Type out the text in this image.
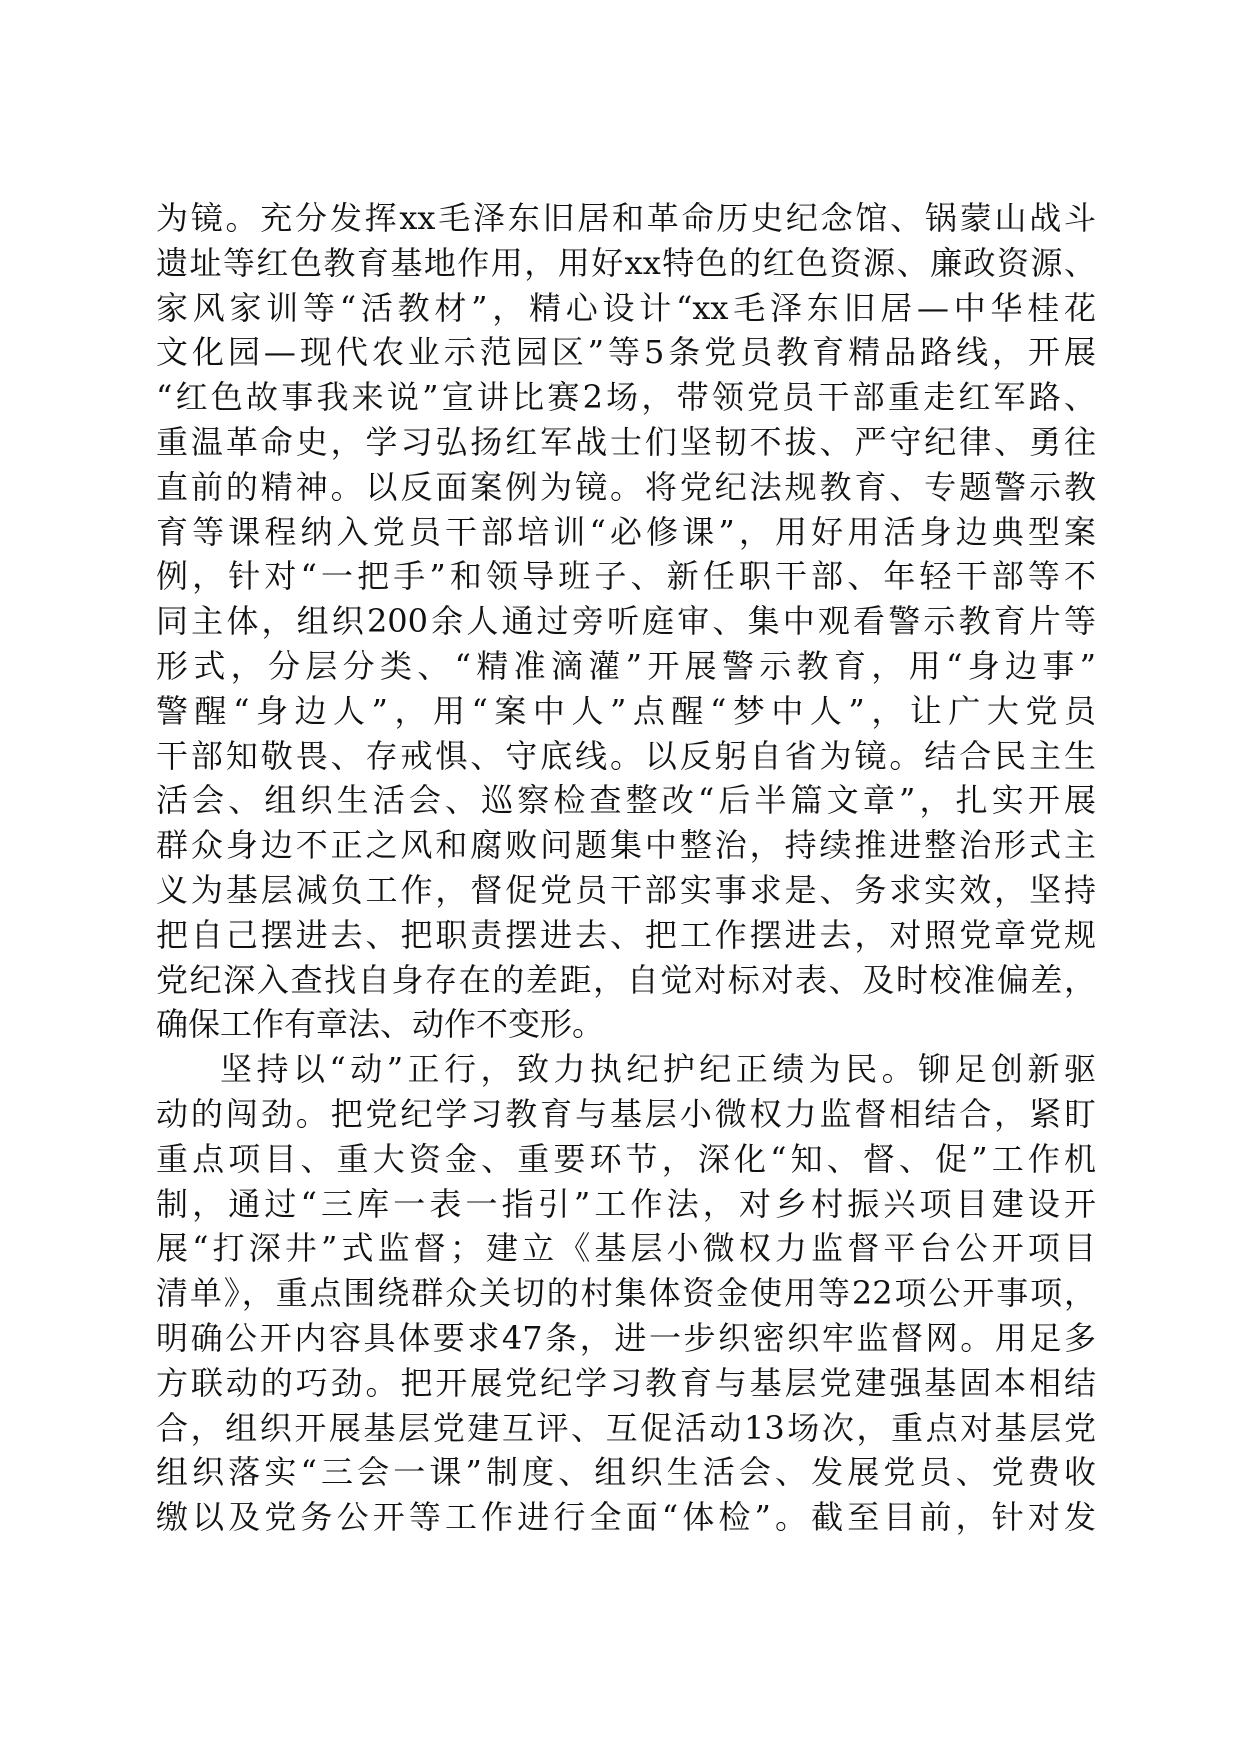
为镜。充分发挥xx毛泽东旧居和革命历史纪念馆、锅蒙山战斗
遗址等红色教育基地作用，用好xx特色的红色资源、廉政资源、
家风家训等“活教材”，精心设计“xx毛泽东旧居—中华桂花
文化园—现代农业示范园区”等5条党员教育精品路线，开展
“红色故事我来说”宣讲比赛2场，带领党员干部重走红军路、
重温革命史，学习弘扬红军战士们坚韧不拔、严守纪律、勇往
直前的精神。以反面案例为镜。将党纪法规教育、专题警示教
育等课程纳入党员干部培训“必修课”，用好用活身边典型案
例，针对“一把手”和领导班子、新任职干部、年轻干部等不
同主体，组织200余人通过旁听庭审、集中观看警示教育片等
形式，分层分类、“精准滴灌”开展警示教育，用“身边事”
警醒“身边人”，用“案中人”点醒“梦中人”，让广大党员
干部知敬畏、存戒惧、守底线。以反躬自省为镜。结合民主生
活会、组织生活会、巡察检查整改“后半篇文章”，扎实开展
群众身边不正之风和腐败问题集中整治，持续推进整治形式主
义为基层减负工作，督促党员干部实事求是、务求实效，坚持
把自己摆进去、把职责摆进去、把工作摆进去，对照党章党规
党纪深入查找自身存在的差距，自觉对标对表、及时校准偏差，
确保工作有章法、动作不变形。
坚持以“动”正行，致力执纪护纪正绩为民。铆足创新驱
动的闯劲。把党纪学习教育与基层小微权力监督相结合，紧盯
重点项目、重大资金、重要环节，深化“知、督、促”工作机
制，通过“三库一表一指引”工作法，对乡村振兴项目建设开
展“打深井”式监督；建立《基层小微权力监督平台公开项目
清单》，重点围绕群众关切的村集体资金使用等22项公开事项，
明确公开内容具体要求47条，进一步织密织牢监督网。用足多
方联动的巧劲。把开展党纪学习教育与基层党建强基固本相结
合，组织开展基层党建互评、互促活动13场次，重点对基层党
组织落实“三会一课”制度、组织生活会、发展党员、党费收
缴以及党务公开等工作进行全面“体检”。截至目前，针对发
